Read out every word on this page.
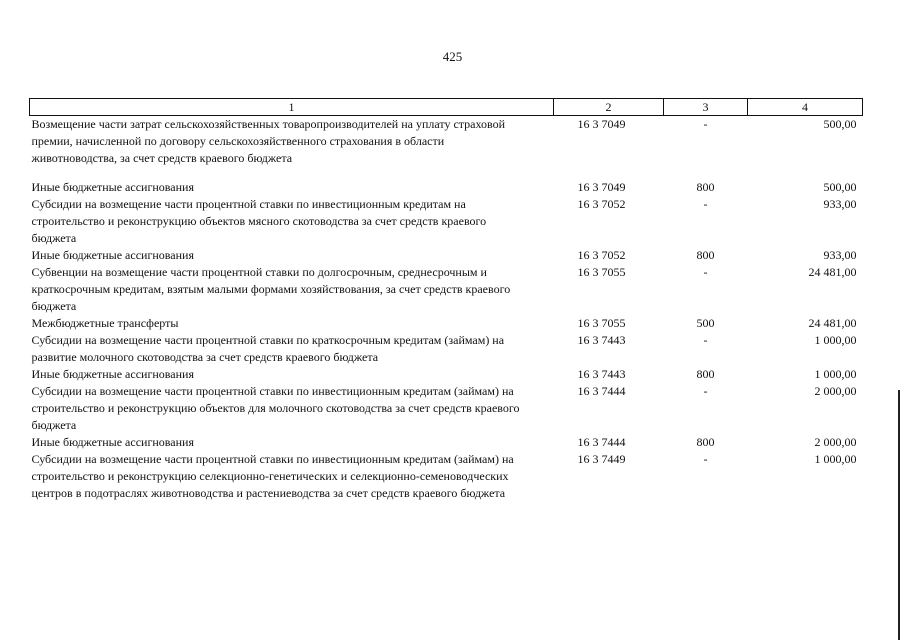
425
1	2	3	4
Возмещение части затрат сельскохозяйственных товаропроизводителей на уплату страховой премии, начисленной по договору сельскохозяйственного страхования в области животноводства, за счет средств краевого бюджета	16 3 7049	-	500,00
Иные бюджетные ассигнования	16 3 7049	800	500,00
Субсидии на возмещение части процентной ставки по инвестиционным кредитам на строительство и реконструкцию объектов мясного скотоводства за счет средств краевого бюджета	16 3 7052	-	933,00
Иные бюджетные ассигнования	16 3 7052	800	933,00
Субвенции на возмещение части процентной ставки по долгосрочным, среднесрочным и краткосрочным кредитам, взятым малыми формами хозяйствования, за счет средств краевого бюджета	16 3 7055	-	24 481,00
Межбюджетные трансферты	16 3 7055	500	24 481,00
Субсидии на возмещение части процентной ставки по краткосрочным кредитам (займам) на развитие молочного скотоводства за счет средств краевого бюджета	16 3 7443	-	1 000,00
Иные бюджетные ассигнования	16 3 7443	800	1 000,00
Субсидии на возмещение части процентной ставки по инвестиционным кредитам (займам) на строительство и реконструкцию объектов для молочного скотоводства за счет средств краевого бюджета	16 3 7444	-	2 000,00
Иные бюджетные ассигнования	16 3 7444	800	2 000,00
Субсидии на возмещение части процентной ставки по инвестиционным кредитам (займам) на строительство и реконструкцию селекционно-генетических и селекционно-семеноводческих центров в подотраслях животноводства и растениеводства за счет средств краевого бюджета	16 3 7449	-	1 000,00
